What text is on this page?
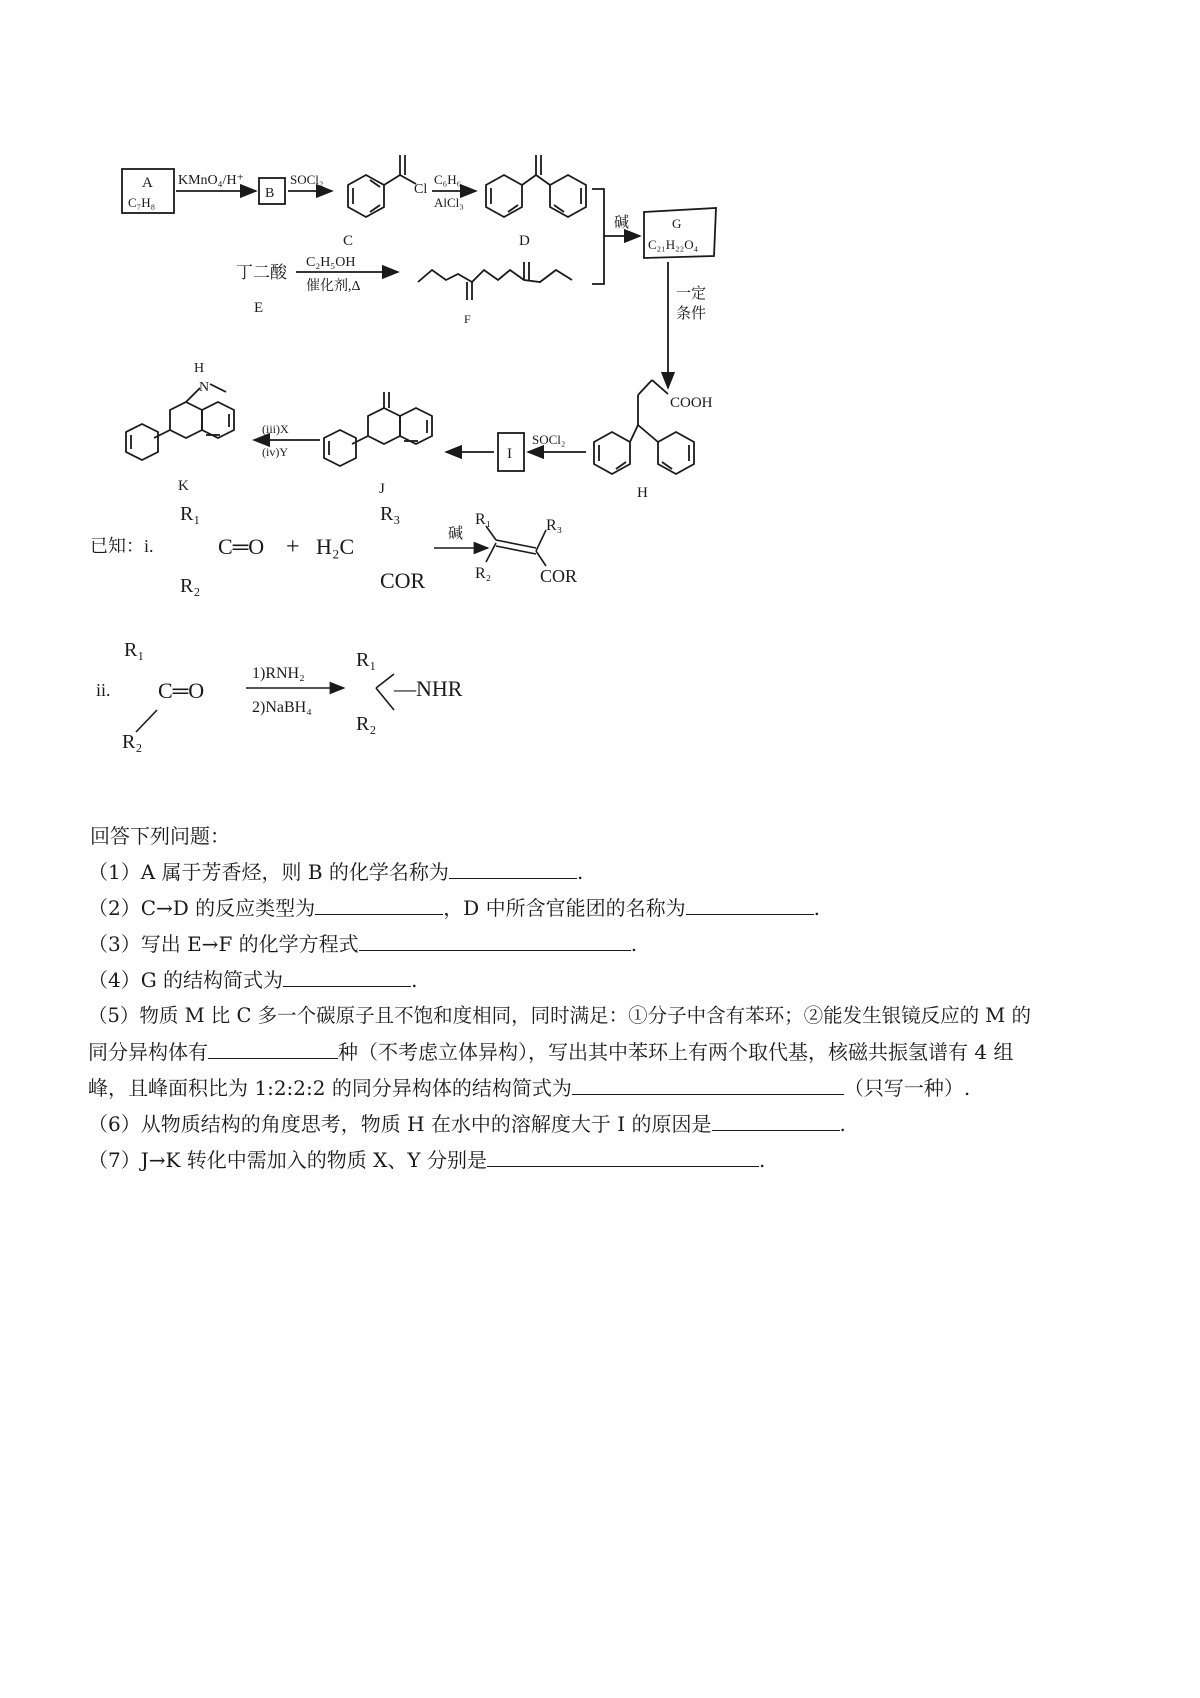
A
C₇H₈
KMnO₄/H⁺
B
SOCl₂
Cl
C
C₆H₆
AlCl₃
D
碱	G
C₂₁H₂₂O₄
丁二酸
E
C₂H₅OH
催化剂,Δ
F
一定
条件
COOH
H
SOCl₂
I
J
(iii)X
(iv)Y
H
N
K
已知：i.
R₁
C═O
R₂
+ H₂C
R₃
COR
碱
R₁	R₃
R₂	COR
ii.
R₁
C═O
R₂
1)RNH₂
2)NaBH₄
R₁
—NHR
R₂
回答下列问题：
（1）A 属于芳香烃，则 B 的化学名称为	.
（2）C→D 的反应类型为	，D 中所含官能团的名称为	.
（3）写出 E→F 的化学方程式	.
（4）G 的结构简式为	.
（5）物质 M 比 C 多一个碳原子且不饱和度相同，同时满足：①分子中含有苯环；②能发生银镜反应的 M 的
同分异构体有	种（不考虑立体异构），写出其中苯环上有两个取代基，核磁共振氢谱有 4 组
峰，且峰面积比为 1:2:2:2 的同分异构体的结构简式为	（只写一种）.
（6）从物质结构的角度思考，物质 H 在水中的溶解度大于 I 的原因是	.
（7）J→K 转化中需加入的物质 X、Y 分别是	.
